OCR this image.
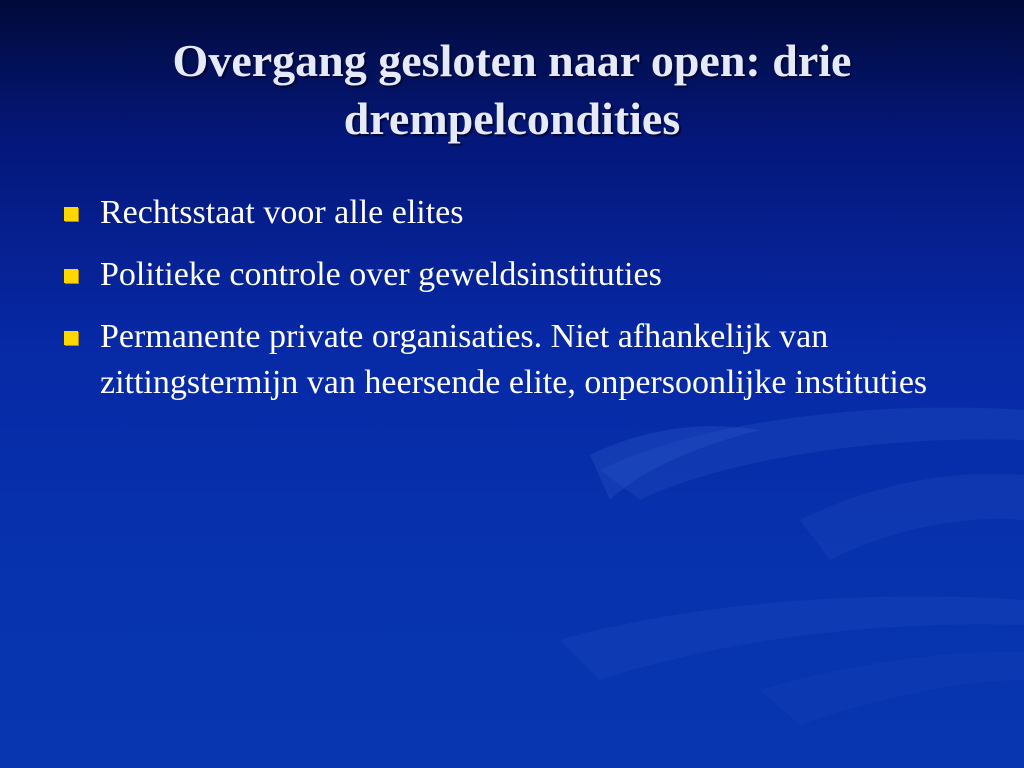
Overgang gesloten naar open: drie drempelcondities
Rechtsstaat voor alle elites
Politieke controle over geweldsinstituties
Permanente private organisaties. Niet afhankelijk van zittingstermijn van heersende elite, onpersoonlijke instituties
